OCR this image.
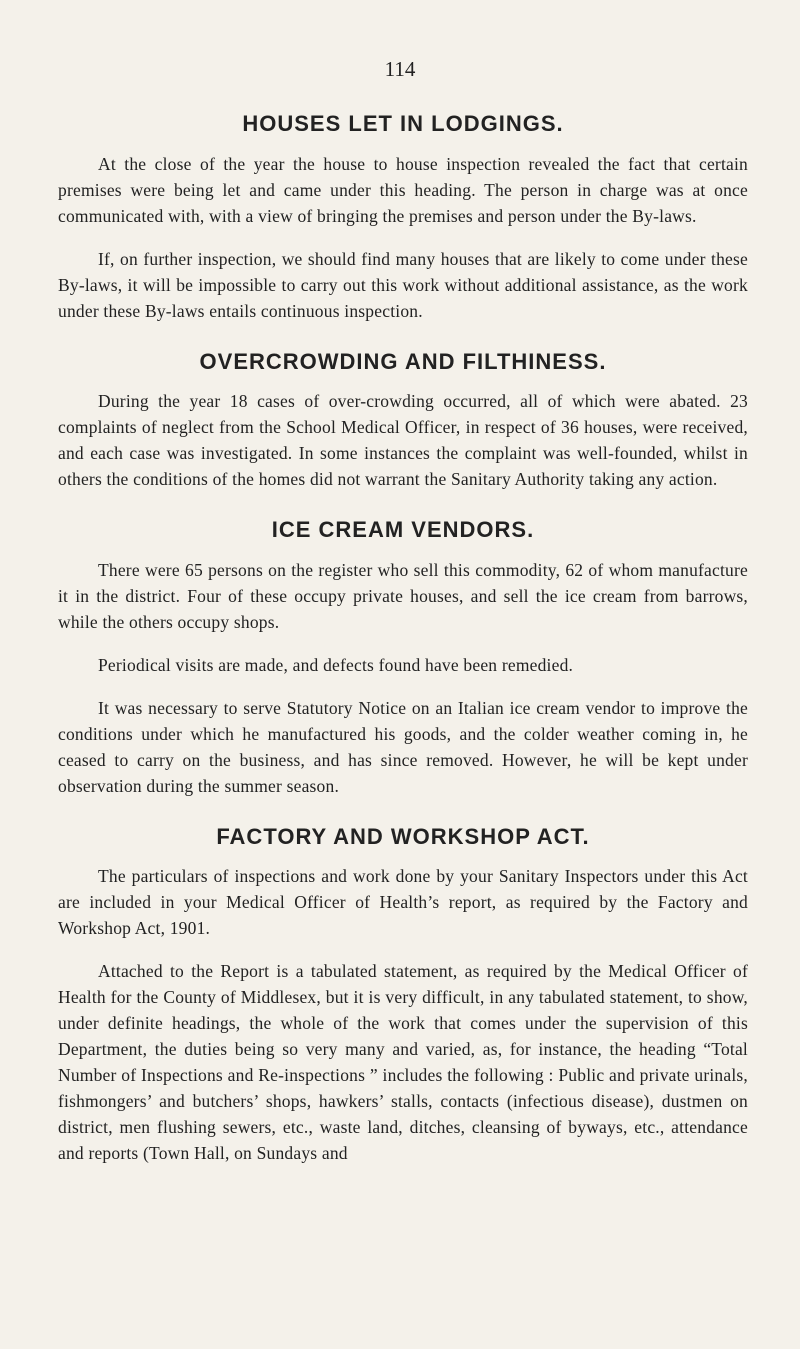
114
HOUSES LET IN LODGINGS.

At the close of the year the house to house inspection revealed the fact that certain premises were being let and came under this heading. The person in charge was at once communicated with, with a view of bringing the premises and person under the By-laws.

If, on further inspection, we should find many houses that are likely to come under these By-laws, it will be impossible to carry out this work without additional assistance, as the work under these By-laws entails continuous inspection.

OVERCROWDING AND FILTHINESS.

During the year 18 cases of over-crowding occurred, all of which were abated. 23 complaints of neglect from the School Medical Officer, in respect of 36 houses, were received, and each case was investigated. In some instances the complaint was well-founded, whilst in others the conditions of the homes did not warrant the Sanitary Authority taking any action.

ICE CREAM VENDORS.

There were 65 persons on the register who sell this commodity, 62 of whom manufacture it in the district. Four of these occupy private houses, and sell the ice cream from barrows, while the others occupy shops.

Periodical visits are made, and defects found have been remedied.

It was necessary to serve Statutory Notice on an Italian ice cream vendor to improve the conditions under which he manufactured his goods, and the colder weather coming in, he ceased to carry on the business, and has since removed. However, he will be kept under observation during the summer season.

FACTORY AND WORKSHOP ACT.

The particulars of inspections and work done by your Sanitary Inspectors under this Act are included in your Medical Officer of Health’s report, as required by the Factory and Workshop Act, 1901.

Attached to the Report is a tabulated statement, as required by the Medical Officer of Health for the County of Middlesex, but it is very difficult, in any tabulated statement, to show, under definite headings, the whole of the work that comes under the supervision of this Department, the duties being so very many and varied, as, for instance, the heading “Total Number of Inspections and Re-inspections ” includes the following : Public and private urinals, fishmongers’ and butchers’ shops, hawkers’ stalls, contacts (infectious disease), dustmen on district, men flushing sewers, etc., waste land, ditches, cleansing of byways, etc., attendance and reports (Town Hall, on Sundays and
